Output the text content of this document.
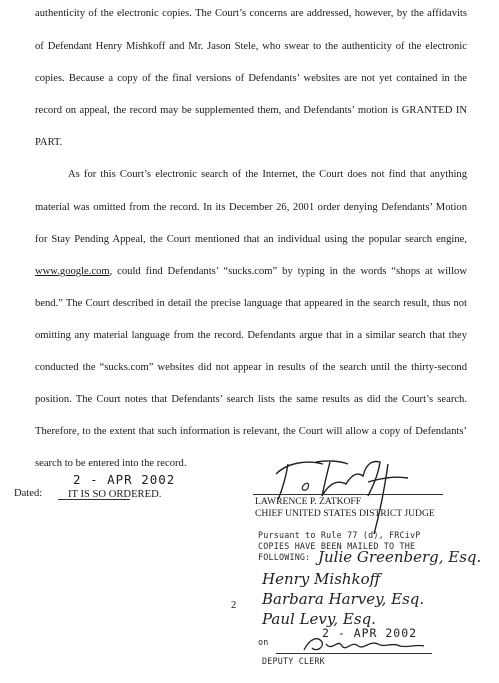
authenticity of the electronic copies. The Court’s concerns are addressed, however, by the affidavits
of Defendant Henry Mishkoff and Mr. Jason Stele, who swear to the authenticity of the electronic
copies. Because a copy of the final versions of Defendants’ websites are not yet contained in the
record on appeal, the record may be supplemented them, and Defendants’ motion is GRANTED IN
PART.
As for this Court’s electronic search of the Internet, the Court does not find that anything
material was omitted from the record. In its December 26, 2001 order denying Defendants’ Motion
for Stay Pending Appeal, the Court mentioned that an individual using the popular search engine,
www.google.com, could find Defendants’ “sucks.com” by typing in the words “shops at willow
bend.” The Court described in detail the precise language that appeared in the search result, thus not
omitting any material language from the record. Defendants argue that in a similar search that they
conducted the “sucks.com” websites did not appear in results of the search until the thirty-second
position. The Court notes that Defendants’ search lists the same results as did the Court’s search.
Therefore, to the extent that such information is relevant, the Court will allow a copy of Defendants’
search to be entered into the record.
IT IS SO ORDERED.
2 - APR 2002
Dated:
LAWRENCE P. ZATKOFF
CHIEF UNITED STATES DISTRICT JUDGE
2
Pursuant to Rule 77 (d), FRCivP
COPIES HAVE BEEN MAILED TO THE
FOLLOWING: Julie Greenberg, Esq.
Henry Mishkoff
Barbara Harvey, Esq.
Paul Levy, Esq.
on
2 - APR 2002
DEPUTY CLERK
